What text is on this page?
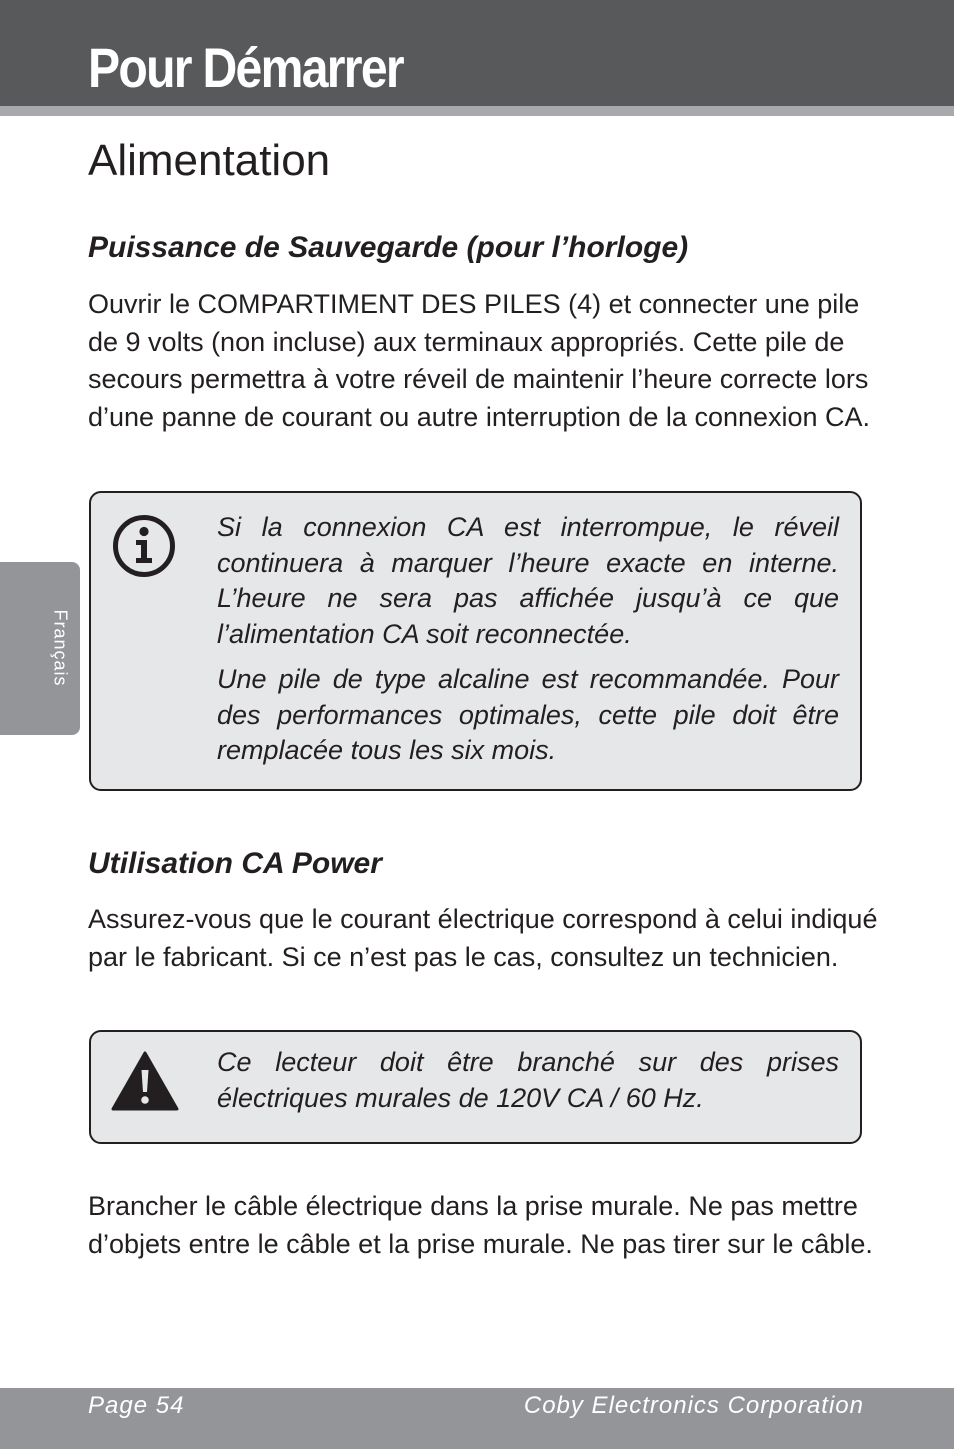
Pour Démarrer
Français
Alimentation
Puissance de Sauvegarde (pour l’horloge)

Ouvrir le COMPARTIMENT DES PILES (4) et connecter une pile de 9 volts (non incluse) aux terminaux appropriés. Cette pile de secours permettra à votre réveil de maintenir l’heure correcte lors d’une panne de courant ou autre interruption de la connexion CA.

Si la connexion CA est interrompue, le réveil continuera à marquer l’heure exacte en interne. L’heure ne sera pas affichée jusqu’à ce que l’alimentation CA soit reconnectée.

Une pile de type alcaline est recommandée. Pour des performances optimales, cette pile doit être remplacée tous les six mois.

Utilisation CA Power

Assurez-vous que le courant électrique correspond à celui indiqué par le fabricant. Si ce n’est pas le cas, consultez un technicien.

Ce lecteur doit être branché sur des prises électriques murales de 120V CA / 60 Hz.

Brancher le câble électrique dans la prise murale. Ne pas mettre d’objets entre le câble et la prise murale. Ne pas tirer sur le câble.

Page 54	Coby Electronics Corporation
